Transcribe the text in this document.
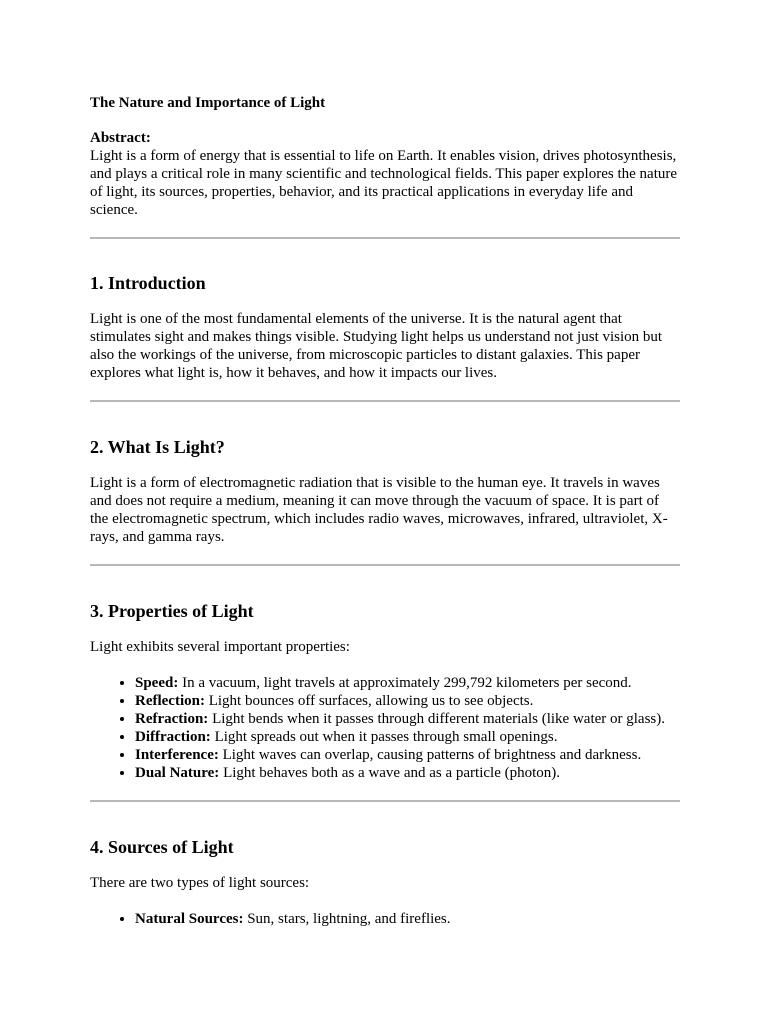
The Nature and Importance of Light

Abstract:

Light is a form of energy that is essential to life on Earth. It enables vision, drives photosynthesis, and plays a critical role in many scientific and technological fields. This paper explores the nature of light, its sources, properties, behavior, and its practical applications in everyday life and science.

1. Introduction

Light is one of the most fundamental elements of the universe. It is the natural agent that stimulates sight and makes things visible. Studying light helps us understand not just vision but also the workings of the universe, from microscopic particles to distant galaxies. This paper explores what light is, how it behaves, and how it impacts our lives.

2. What Is Light?

Light is a form of electromagnetic radiation that is visible to the human eye. It travels in waves and does not require a medium, meaning it can move through the vacuum of space. It is part of the electromagnetic spectrum, which includes radio waves, microwaves, infrared, ultraviolet, X-rays, and gamma rays.

3. Properties of Light

Light exhibits several important properties:

• Speed: In a vacuum, light travels at approximately 299,792 kilometers per second.
• Reflection: Light bounces off surfaces, allowing us to see objects.
• Refraction: Light bends when it passes through different materials (like water or glass).
• Diffraction: Light spreads out when it passes through small openings.
• Interference: Light waves can overlap, causing patterns of brightness and darkness.
• Dual Nature: Light behaves both as a wave and as a particle (photon).
4. Sources of Light

There are two types of light sources:

• Natural Sources: Sun, stars, lightning, and fireflies.
